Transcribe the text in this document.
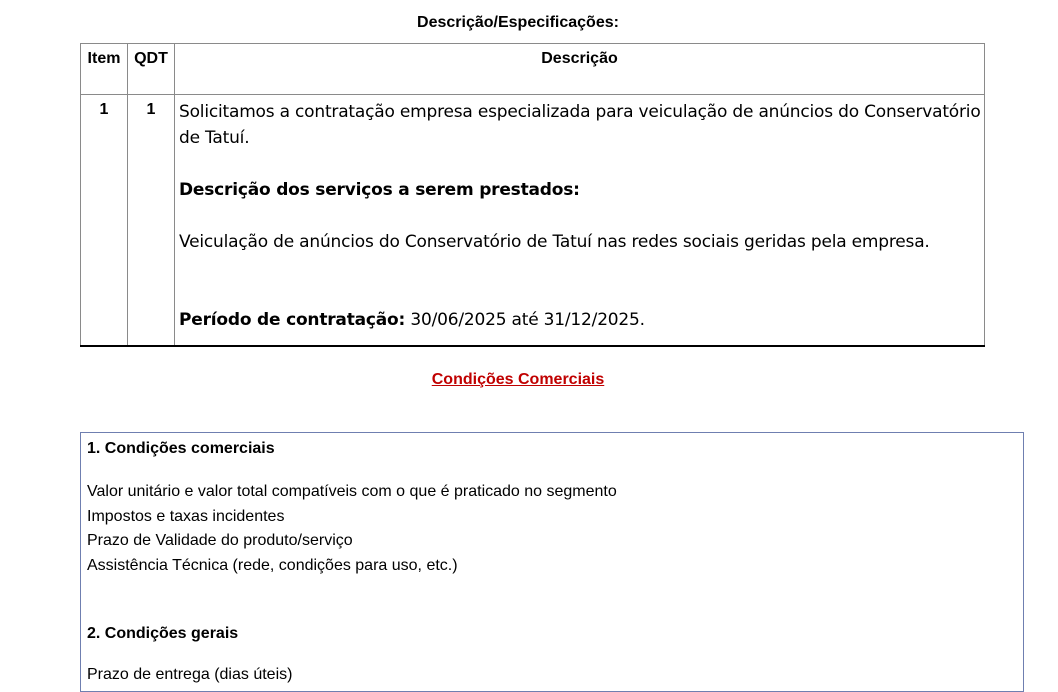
Descrição/Especificações:
Item	QDT	Descrição
1	1	Solicitamos a contratação empresa especializada para veiculação de anúncios do Conservatório de Tatuí.

Descrição dos serviços a serem prestados:

Veiculação de anúncios do Conservatório de Tatuí nas redes sociais geridas pela empresa.

Período de contratação: 30/06/2025 até 31/12/2025.

Condições Comerciais
1. Condições comerciais
Valor unitário e valor total compatíveis com o que é praticado no segmento
Impostos e taxas incidentes
Prazo de Validade do produto/serviço
Assistência Técnica (rede, condições para uso, etc.)
2. Condições gerais
Prazo de entrega (dias úteis)
